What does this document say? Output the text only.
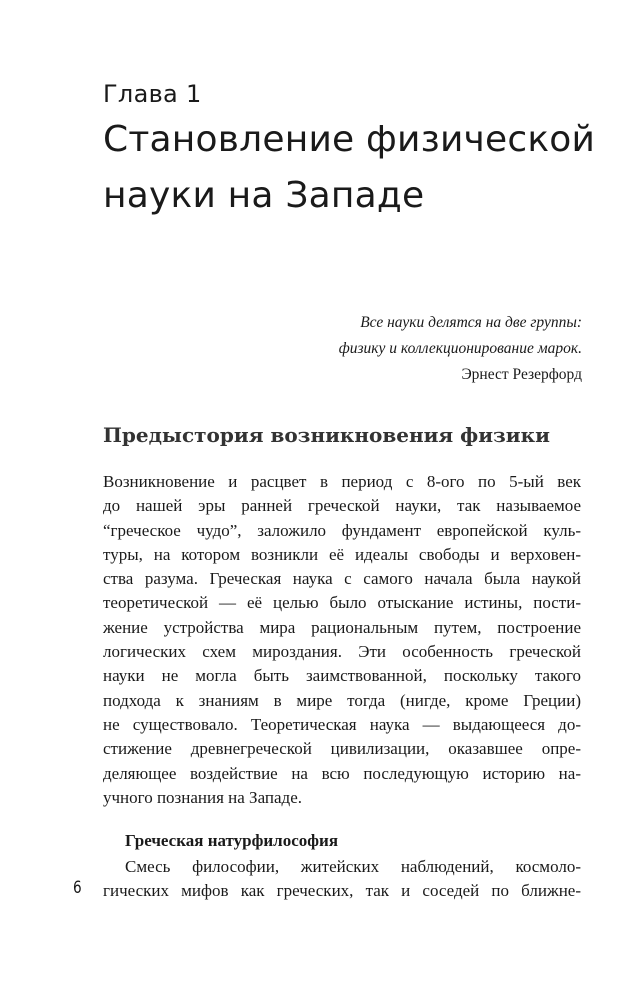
Глава 1
Становление физической
науки на Западе
Все науки делятся на две группы:
физику и коллекционирование марок.
Эрнест Резерфорд
Предыстория возникновения физики
Возникновение и расцвет в период с 8-ого по 5-ый век
до нашей эры ранней греческой науки, так называемое
“греческое чудо”, заложило фундамент европейской куль-
туры, на котором возникли её идеалы свободы и верховен-
ства разума. Греческая наука с самого начала была наукой
теоретической — её целью было отыскание истины, пости-
жение устройства мира рациональным путем, построение
логических схем мироздания. Эти особенность греческой
науки не могла быть заимствованной, поскольку такого
подхода к знаниям в мире тогда (нигде, кроме Греции)
не существовало. Теоретическая наука — выдающееся до-
стижение древнегреческой цивилизации, оказавшее опре-
деляющее воздействие на всю последующую историю на-
учного познания на Западе.
Греческая натурфилософия
Смесь философии, житейских наблюдений, космоло-
гических мифов как греческих, так и соседей по ближне-
6
